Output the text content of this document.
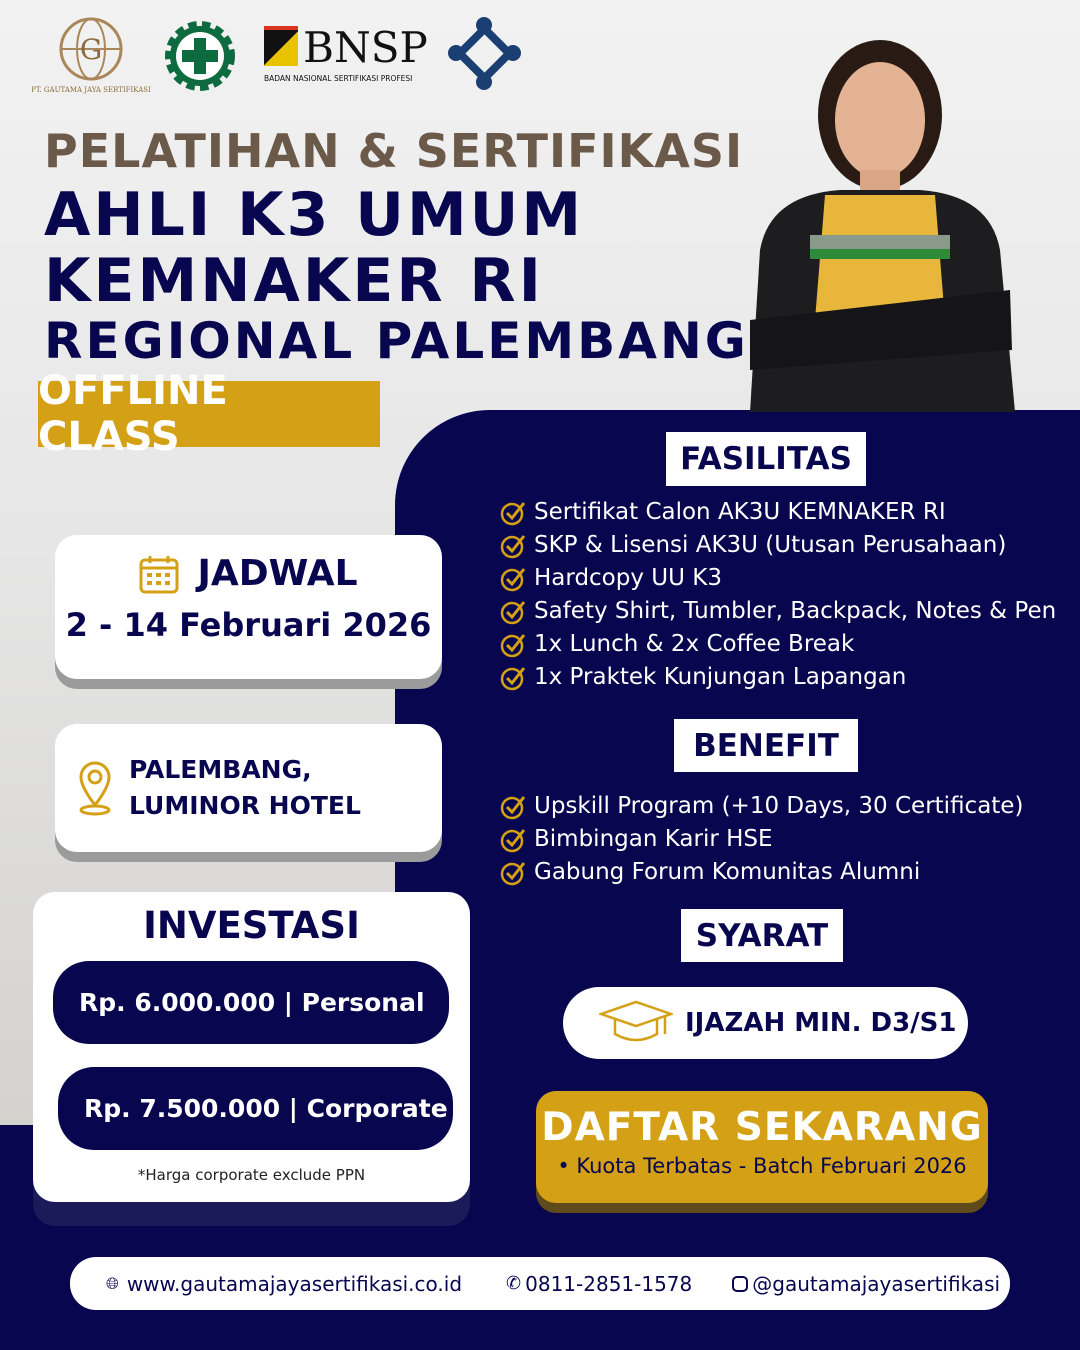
G
PT. GAUTAMA JAYA SERTIFIKASI
BNSP
BADAN NASIONAL SERTIFIKASI PROFESI
PELATIHAN & SERTIFIKASI
AHLI K3 UMUM
KEMNAKER RI
REGIONAL PALEMBANG
OFFLINE CLASS
JADWAL
2 - 14 Februari 2026
PALEMBANG,
LUMINOR HOTEL
INVESTASI
Rp. 6.000.000 | Personal
Rp. 7.500.000 | Corporate
*Harga corporate exclude PPN
FASILITAS
Sertifikat Calon AK3U KEMNAKER RI
SKP & Lisensi AK3U (Utusan Perusahaan)
Hardcopy UU K3
Safety Shirt, Tumbler, Backpack, Notes & Pen
1x Lunch & 2x Coffee Break
1x Praktek Kunjungan Lapangan
BENEFIT
Upskill Program (+10 Days, 30 Certificate)
Bimbingan Karir HSE
Gabung Forum Komunitas Alumni
SYARAT
IJAZAH MIN. D3/S1
DAFTAR SEKARANG
• Kuota Terbatas - Batch Februari 2026
🌐︎ www.gautamajayasertifikasi.co.id ✆ 0811-2851-1578	@gautamajayasertifikasi
